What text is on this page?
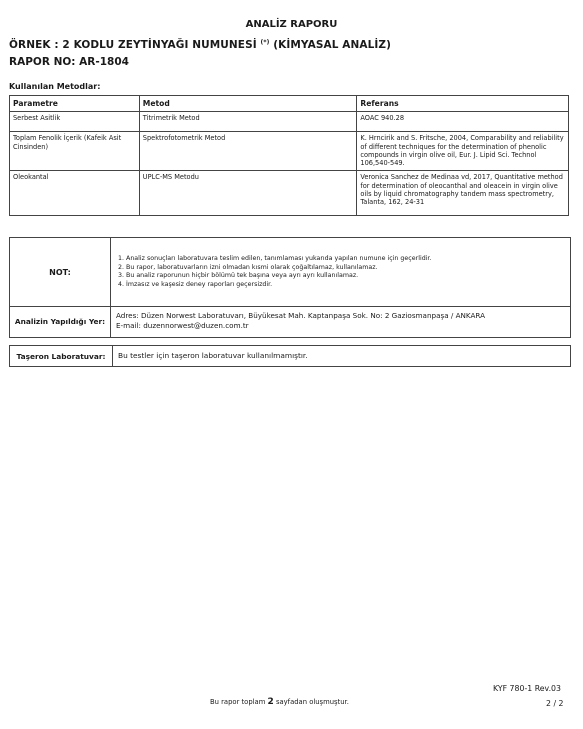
ANALİZ RAPORU
ÖRNEK : 2 KODLU ZEYTİNYAĞI NUMUNESİ (*) (KİMYASAL ANALİZ)
RAPOR NO: AR-1804
Kullanılan Metodlar:
Parametre	Metod	Referans
Serbest Asitlik	Titrimetrik Metod	AOAC 940.28
Toplam Fenolik İçerik (Kafeik Asit Cinsinden)	Spektrofotometrik Metod	K. Hrncirik and S. Fritsche, 2004, Comparability and reliability of different techniques for the determination of phenolic compounds in virgin olive oil, Eur. J. Lipid Sci. Technol 106,540-549.
Oleokantal	UPLC-MS Metodu	Veronica Sanchez de Medinaa vd, 2017, Quantitative method for determination of oleocanthal and oleacein in virgin olive oils by liquid chromatography tandem mass spectrometry, Talanta, 162, 24-31
NOT:
1. Analiz sonuçları laboratuvara teslim edilen, tanımlaması yukarıda yapılan numune için geçerlidir.
2. Bu rapor, laboratuvarların izni olmadan kısmi olarak çoğaltılamaz, kullanılamaz.
3. Bu analiz raporunun hiçbir bölümü tek başına veya ayrı ayrı kullanılamaz.
4. İmzasız ve kaşesiz deney raporları geçersizdir.
Analizin Yapıldığı Yer:
Adres: Düzen Norwest Laboratuvarı, Büyükesat Mah. Kaptanpaşa Sok. No: 2 Gaziosmanpaşa / ANKARA
E-mail: duzennorwest@duzen.com.tr
Taşeron Laboratuvar:	Bu testler için taşeron laboratuvar kullanılmamıştır.
KYF 780-1 Rev.03
2 / 2
Bu rapor toplam 2 sayfadan oluşmuştur.
